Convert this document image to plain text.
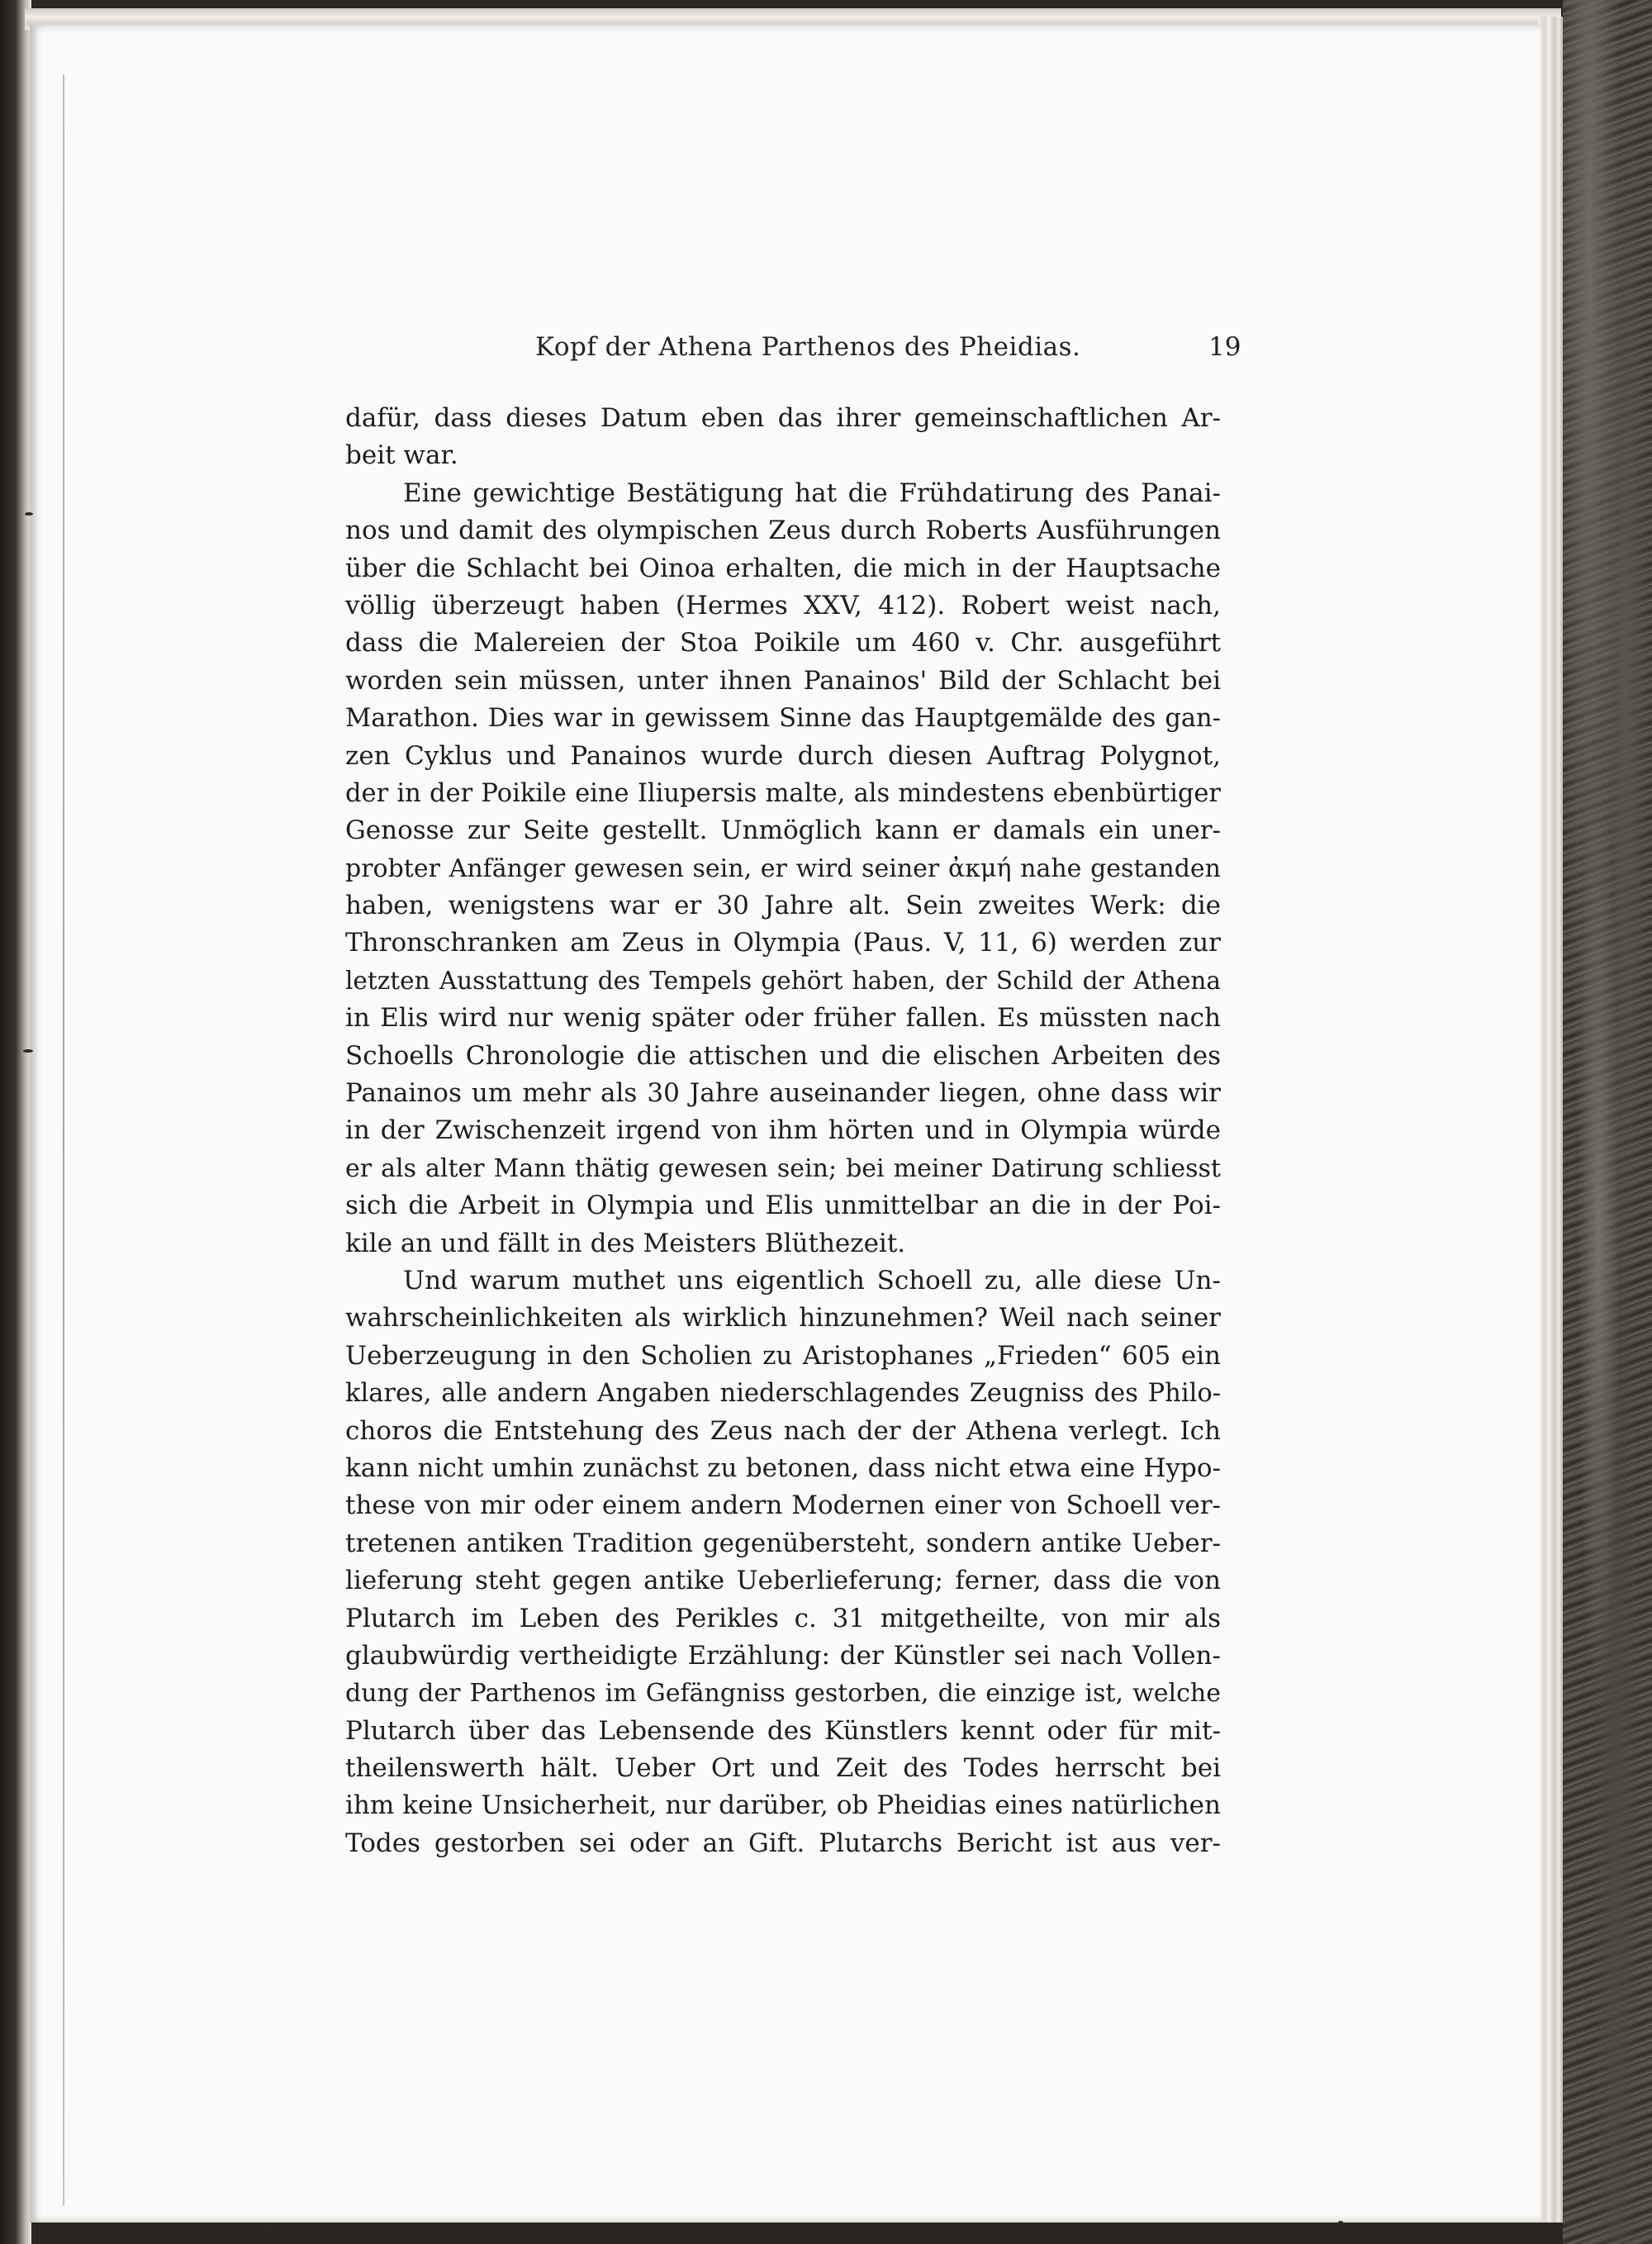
Kopf der Athena Parthenos des Pheidias.	19
dafür, dass dieses Datum eben das ihrer gemeinschaftlichen Ar-
beit war.
Eine gewichtige Bestätigung hat die Frühdatirung des Panai-
nos und damit des olympischen Zeus durch Roberts Ausführungen
über die Schlacht bei Oinoa erhalten, die mich in der Hauptsache
völlig überzeugt haben (Hermes XXV, 412). Robert weist nach,
dass die Malereien der Stoa Poikile um 460 v. Chr. ausgeführt
worden sein müssen, unter ihnen Panainos' Bild der Schlacht bei
Marathon. Dies war in gewissem Sinne das Hauptgemälde des gan-
zen Cyklus und Panainos wurde durch diesen Auftrag Polygnot,
der in der Poikile eine Iliupersis malte, als mindestens ebenbürtiger
Genosse zur Seite gestellt. Unmöglich kann er damals ein uner-
probter Anfänger gewesen sein, er wird seiner ἀκμή nahe gestanden
haben, wenigstens war er 30 Jahre alt. Sein zweites Werk: die
Thronschranken am Zeus in Olympia (Paus. V, 11, 6) werden zur
letzten Ausstattung des Tempels gehört haben, der Schild der Athena
in Elis wird nur wenig später oder früher fallen. Es müssten nach
Schoells Chronologie die attischen und die elischen Arbeiten des
Panainos um mehr als 30 Jahre auseinander liegen, ohne dass wir
in der Zwischenzeit irgend von ihm hörten und in Olympia würde
er als alter Mann thätig gewesen sein; bei meiner Datirung schliesst
sich die Arbeit in Olympia und Elis unmittelbar an die in der Poi-
kile an und fällt in des Meisters Blüthezeit.
Und warum muthet uns eigentlich Schoell zu, alle diese Un-
wahrscheinlichkeiten als wirklich hinzunehmen? Weil nach seiner
Ueberzeugung in den Scholien zu Aristophanes „Frieden“ 605 ein
klares, alle andern Angaben niederschlagendes Zeugniss des Philo-
choros die Entstehung des Zeus nach der der Athena verlegt. Ich
kann nicht umhin zunächst zu betonen, dass nicht etwa eine Hypo-
these von mir oder einem andern Modernen einer von Schoell ver-
tretenen antiken Tradition gegenübersteht, sondern antike Ueber-
lieferung steht gegen antike Ueberlieferung; ferner, dass die von
Plutarch im Leben des Perikles c. 31 mitgetheilte, von mir als
glaubwürdig vertheidigte Erzählung: der Künstler sei nach Vollen-
dung der Parthenos im Gefängniss gestorben, die einzige ist, welche
Plutarch über das Lebensende des Künstlers kennt oder für mit-
theilenswerth hält. Ueber Ort und Zeit des Todes herrscht bei
ihm keine Unsicherheit, nur darüber, ob Pheidias eines natürlichen
Todes gestorben sei oder an Gift. Plutarchs Bericht ist aus ver-
